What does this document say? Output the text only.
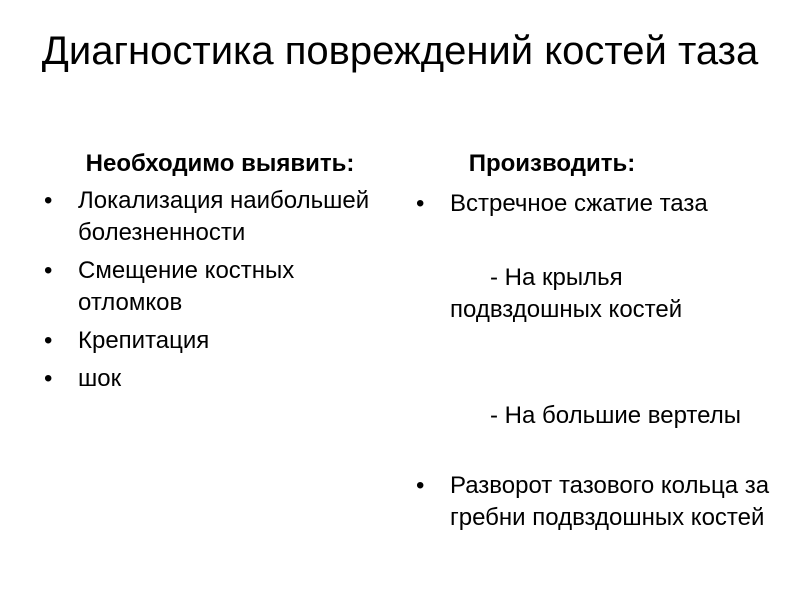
Диагностика повреждений костей таза

Необходимо выявить:

• Локализация наибольшей болезненности
• Смещение костных отломков
• Крепитация
• шок

Производить:

• Встречное сжатие таза

- На крылья подвздошных костей

- На большие вертелы

• Разворот тазового кольца за гребни подвздошных костей
